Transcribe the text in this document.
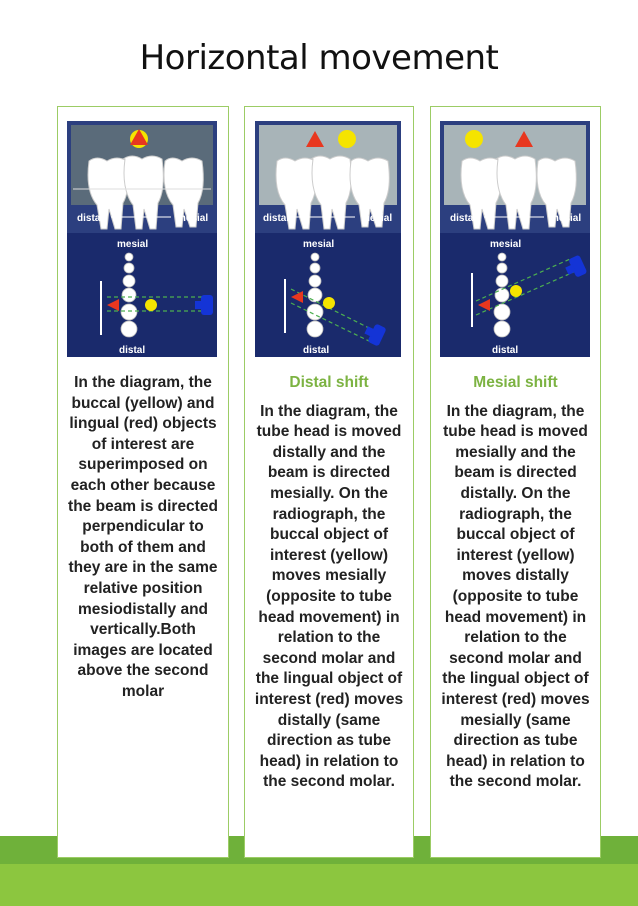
Horizontal movement
distal	mesial
mesial
distal
In the diagram, the buccal (yellow) and lingual (red) objects of interest are superimposed on each other because the beam is directed perpendicular to both of them and they are in the same relative position mesiodistally and vertically.Both images are located above the second molar
distal	mesial
mesial
distal
Distal shift
In the diagram, the tube head is moved distally and the beam is directed mesially. On the radiograph, the buccal object of interest (yellow) moves mesially (opposite to tube head movement) in relation to the second molar and the lingual object of interest (red) moves distally (same direction as tube head) in relation to the second molar.
distal	mesial
mesial
distal
Mesial shift
In the diagram, the tube head is moved mesially and the beam is directed distally. On the radiograph, the buccal object of interest (yellow) moves distally (opposite to tube head movement) in relation to the second molar and the lingual object of interest (red) moves mesially (same direction as tube head) in relation to the second molar.
